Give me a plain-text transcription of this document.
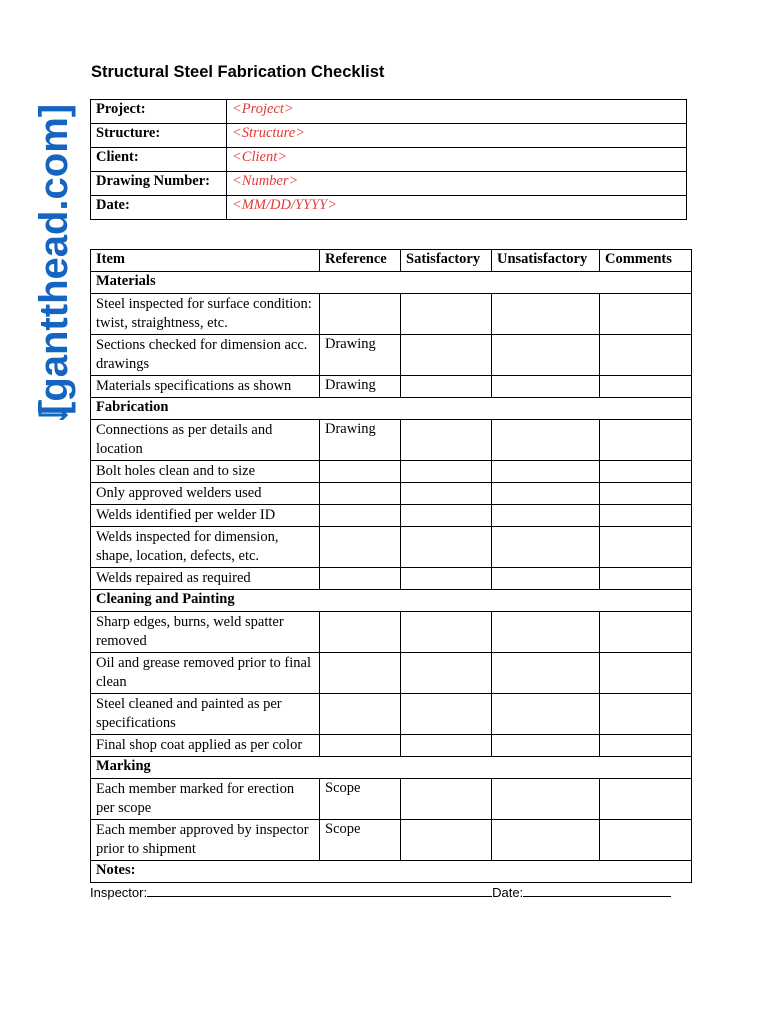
[gantthead.com]
Structural Steel Fabrication Checklist
Project:	<Project>
Structure:	<Structure>
Client:	<Client>
Drawing Number:	<Number>
Date:	<MM/DD/YYYY>
Item	Reference	Satisfactory	Unsatisfactory	Comments
Materials				
Steel inspected for surface condition: twist, straightness, etc.				
Sections checked for dimension acc. drawings	Drawing			
Materials specifications as shown	Drawing			
Fabrication				
Connections as per details and location	Drawing			
Bolt holes clean and to size				
Only approved welders used				
Welds identified per welder ID				
Welds inspected for dimension, shape, location, defects, etc.				
Welds repaired as required				
Cleaning and Painting				
Sharp edges, burns, weld spatter removed				
Oil and grease removed prior to final clean				
Steel cleaned and painted as per specifications				
Final shop coat applied as per color				
Marking				
Each member marked for erection per scope	Scope			
Each member approved by inspector prior to shipment	Scope			
Notes:				
Inspector:	Date:
